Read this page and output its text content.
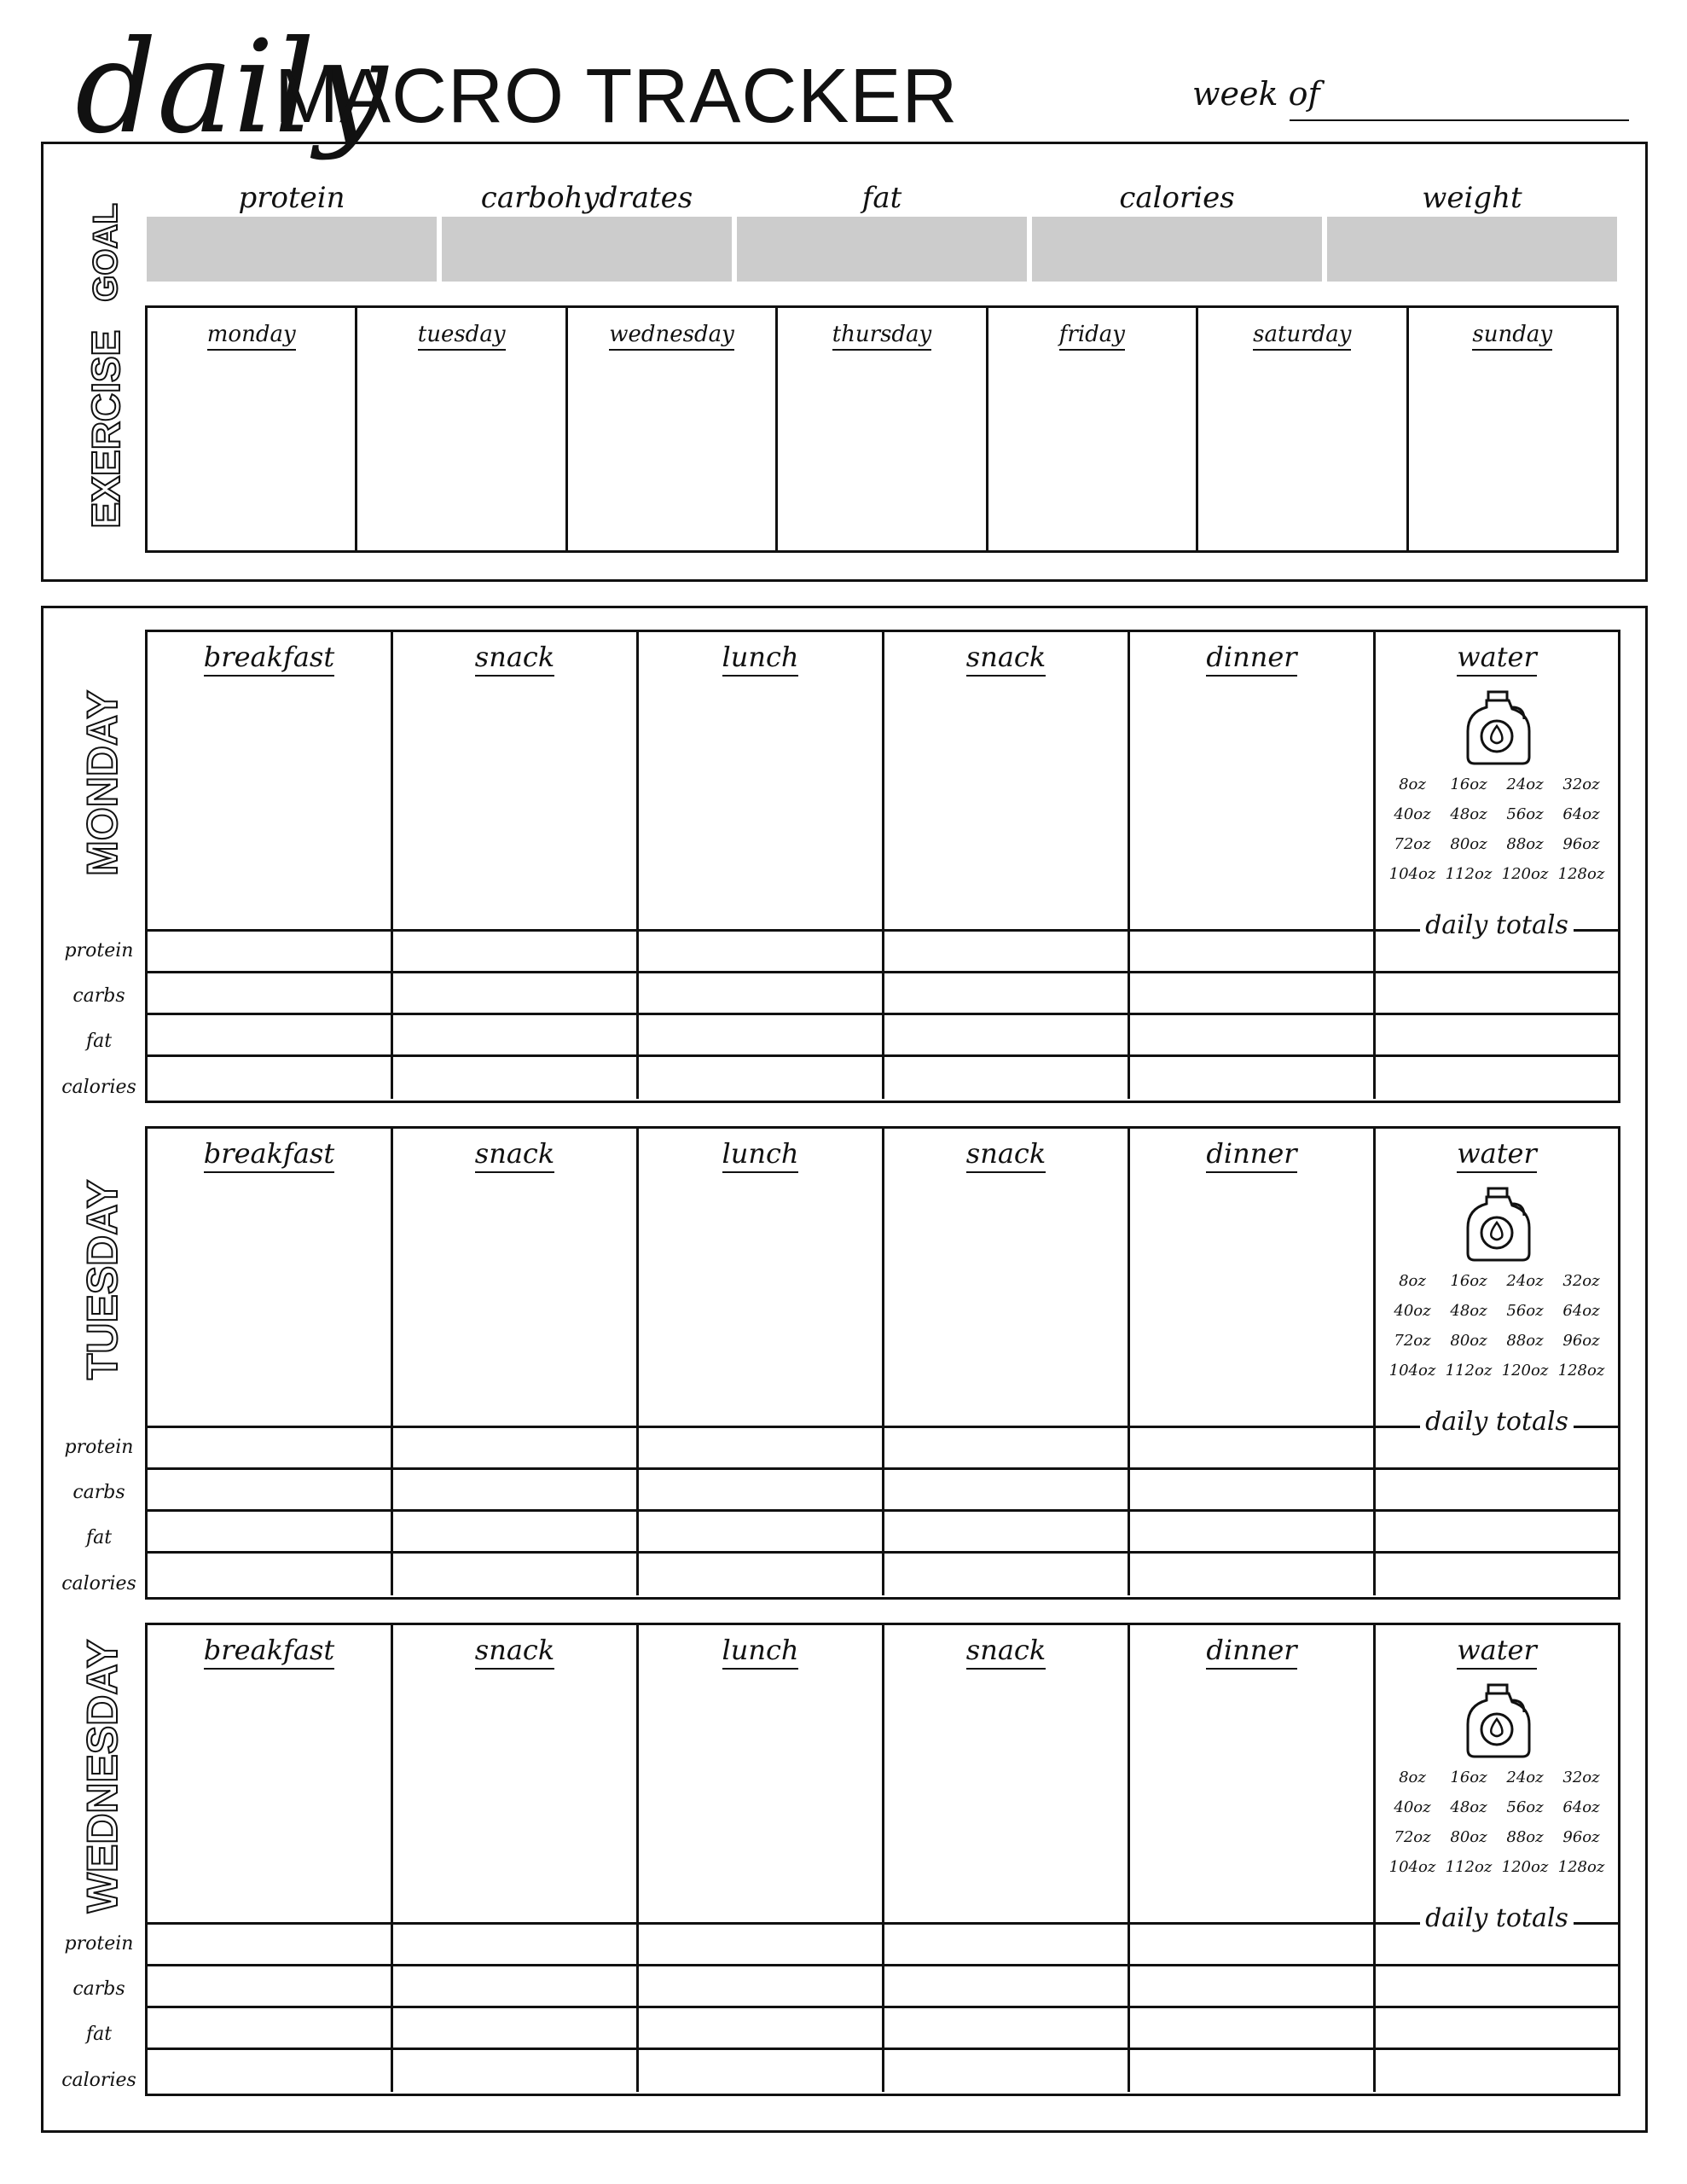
daily
MACRO TRACKER	week of
GOAL
EXERCISE
protein	carbohydrates	fat	calories	weight
monday	tuesday	wednesday	thursday	friday	saturday	sunday
breakfast	snack	lunch	snack	dinner	water
8oz	16oz	24oz	32oz
40oz	48oz	56oz	64oz
72oz	80oz	88oz	96oz
104oz 112oz 120oz 128oz
daily totals
MONDAY
protein
carbs
fat
calories
breakfast	snack	lunch	snack	dinner	water
8oz	16oz	24oz	32oz
40oz	48oz	56oz	64oz
72oz	80oz	88oz	96oz
104oz 112oz 120oz 128oz
daily totals
TUESDAY
protein
carbs
fat
calories
breakfast	snack	lunch	snack	dinner	water
8oz	16oz	24oz	32oz
40oz	48oz	56oz	64oz
72oz	80oz	88oz	96oz
104oz 112oz 120oz 128oz
daily totals
WEDNESDAY
protein
carbs
fat
calories
